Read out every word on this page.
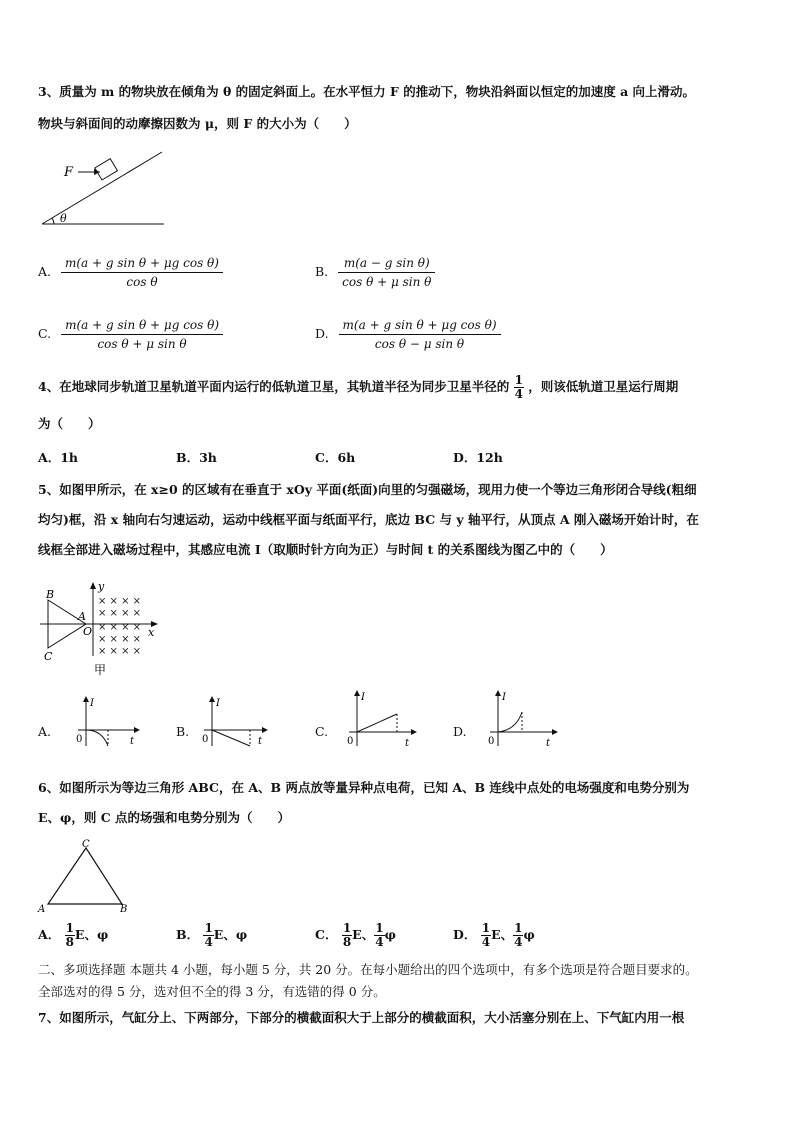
3、质量为 m 的物块放在倾角为 θ 的固定斜面上。在水平恒力 F 的推动下，物块沿斜面以恒定的加速度 a 向上滑动。
物块与斜面间的动摩擦因数为 μ，则 F 的大小为（　　）
F
θ
A. $\frac{\text{m(a + g sin θ + μg cos θ)}}{\text{cos θ}}$	B. $\frac{\text{m(a − g sin θ)}}{\text{cos θ + μ sin θ}}$
C. $\frac{\text{m(a + g sin θ + μg cos θ)}}{\text{cos θ + μ sin θ}}$	D. $\frac{\text{m(a + g sin θ + μg cos θ)}}{\text{cos θ − μ sin θ}}$
4、在地球同步轨道卫星轨道平面内运行的低轨道卫星，其轨道半径为同步卫星半径的 $\frac{1}{4}$ ，则该低轨道卫星运行周期
为（　　）
A．1h	B．3h	C．6h	D．12h
5、如图甲所示，在 x≥0 的区域有在垂直于 xOy 平面(纸面)向里的匀强磁场，现用力使一个等边三角形闭合导线(粗细
均匀)框，沿 x 轴向右匀速运动，运动中线框平面与纸面平行，底边 BC 与 y 轴平行，从顶点 A 刚入磁场开始计时，在
线框全部进入磁场过程中，其感应电流 I（取顺时针方向为正）与时间 t 的关系图线为图乙中的（　　）
× × × ×
× × × ×
× × × ×
× × × ×
× × × ×
B
A
C
O	x
y
甲
A.
I
t
0
B.
I
t
0
C.
I
t
0
D.
I
t
0
6、如图所示为等边三角形 ABC，在 A、B 两点放等量异种点电荷，已知 A、B 连线中点处的电场强度和电势分别为
E、φ，则 C 点的场强和电势分别为（　　）
C
A	B
A． $\frac{1}{8}$ E、φ	B． $\frac{1}{4}$ E、φ	C． $\frac{1}{8}$ E、 $\frac{1}{4}$ φ	D． $\frac{1}{4}$ E、 $\frac{1}{4}$ φ
二、多项选择题 本题共 4 小题，每小题 5 分，共 20 分。在每小题给出的四个选项中，有多个选项是符合题目要求的。
全部选对的得 5 分，选对但不全的得 3 分，有选错的得 0 分。
7、如图所示，气缸分上、下两部分，下部分的横截面积大于上部分的横截面积，大小活塞分别在上、下气缸内用一根
